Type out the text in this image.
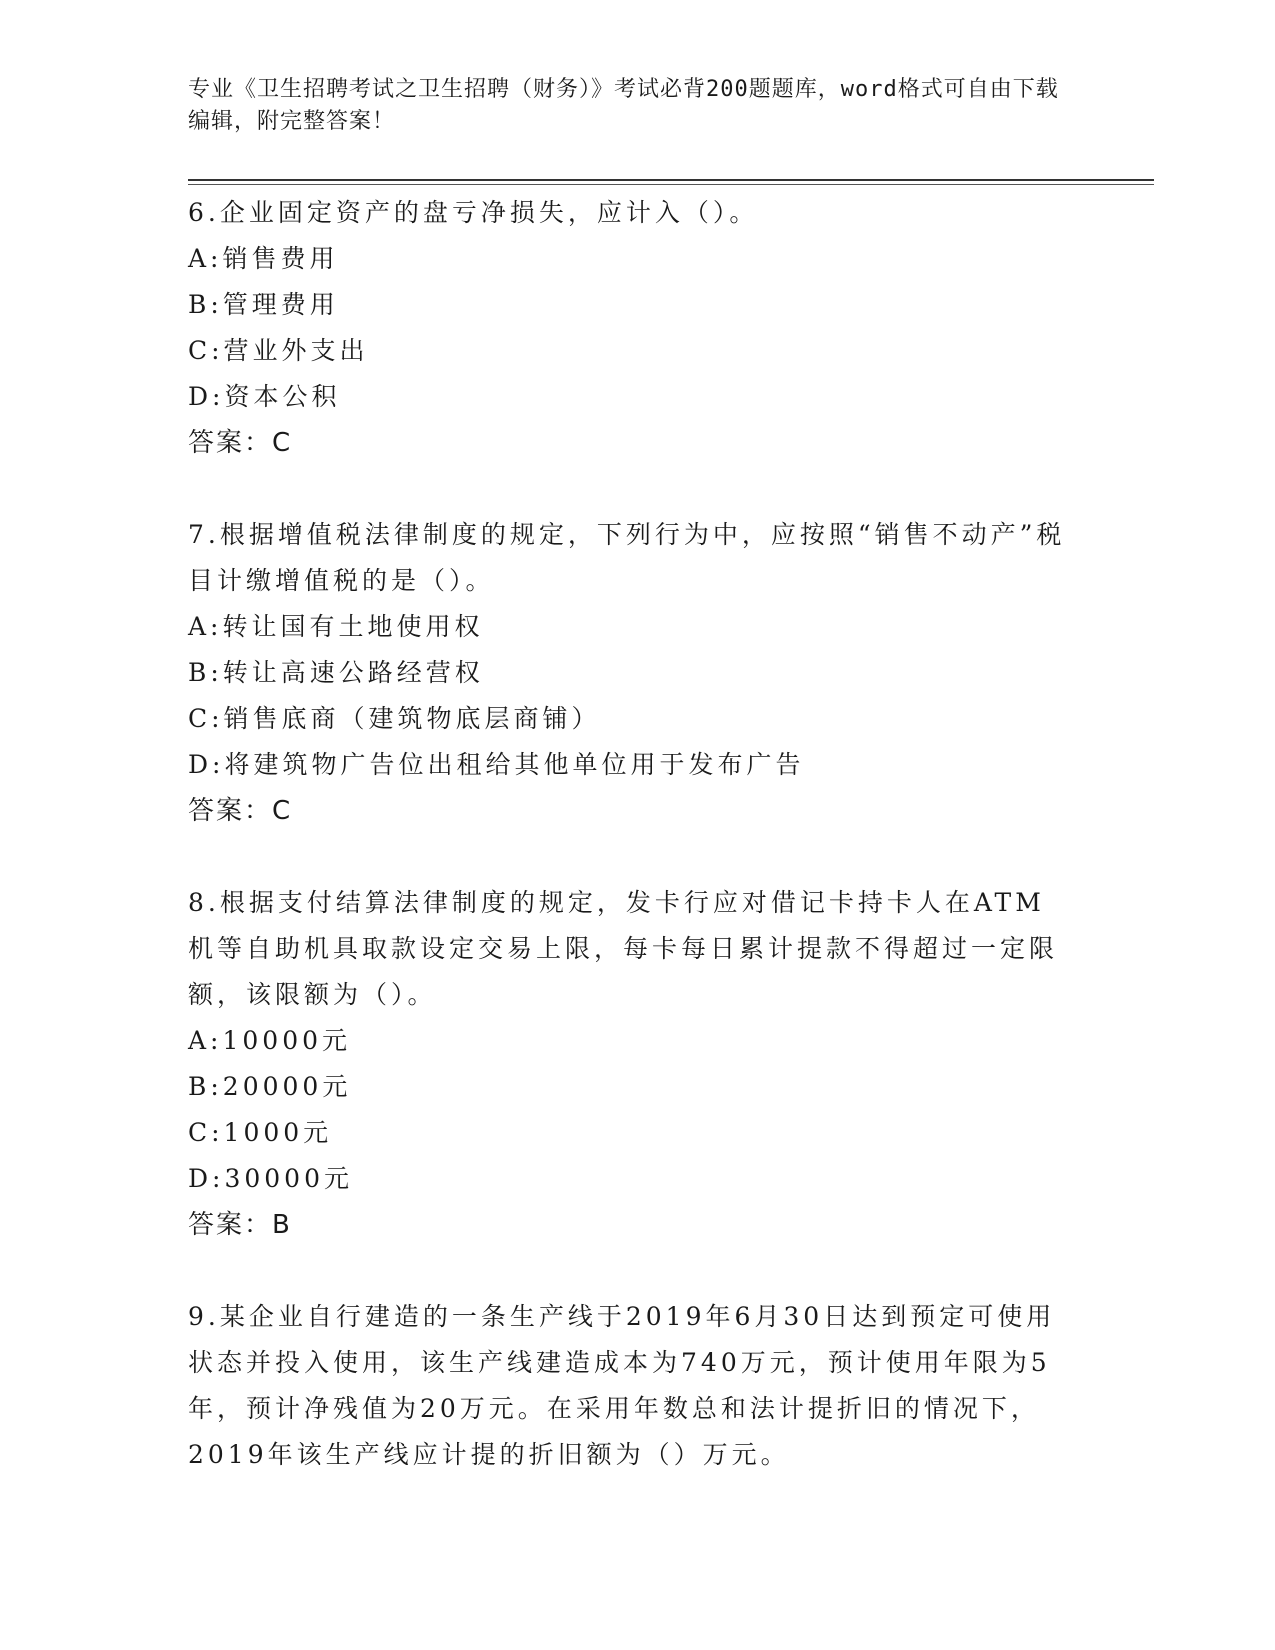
专业《卫生招聘考试之卫生招聘（财务）》考试必背200题题库，word格式可自由下载编辑，附完整答案！
6.企业固定资产的盘亏净损失，应计入（）。
A:销售费用
B:管理费用
C:营业外支出
D:资本公积
答案：C
7.根据增值税法律制度的规定，下列行为中，应按照“销售不动产”税目计缴增值税的是（）。
A:转让国有土地使用权
B:转让高速公路经营权
C:销售底商（建筑物底层商铺）
D:将建筑物广告位出租给其他单位用于发布广告
答案：C
8.根据支付结算法律制度的规定，发卡行应对借记卡持卡人在ATM机等自助机具取款设定交易上限，每卡每日累计提款不得超过一定限额，该限额为（）。
A:10000元
B:20000元
C:1000元
D:30000元
答案：B
9.某企业自行建造的一条生产线于2019年6月30日达到预定可使用状态并投入使用，该生产线建造成本为740万元，预计使用年限为5年，预计净残值为20万元。在采用年数总和法计提折旧的情况下，2019年该生产线应计提的折旧额为（）万元。
